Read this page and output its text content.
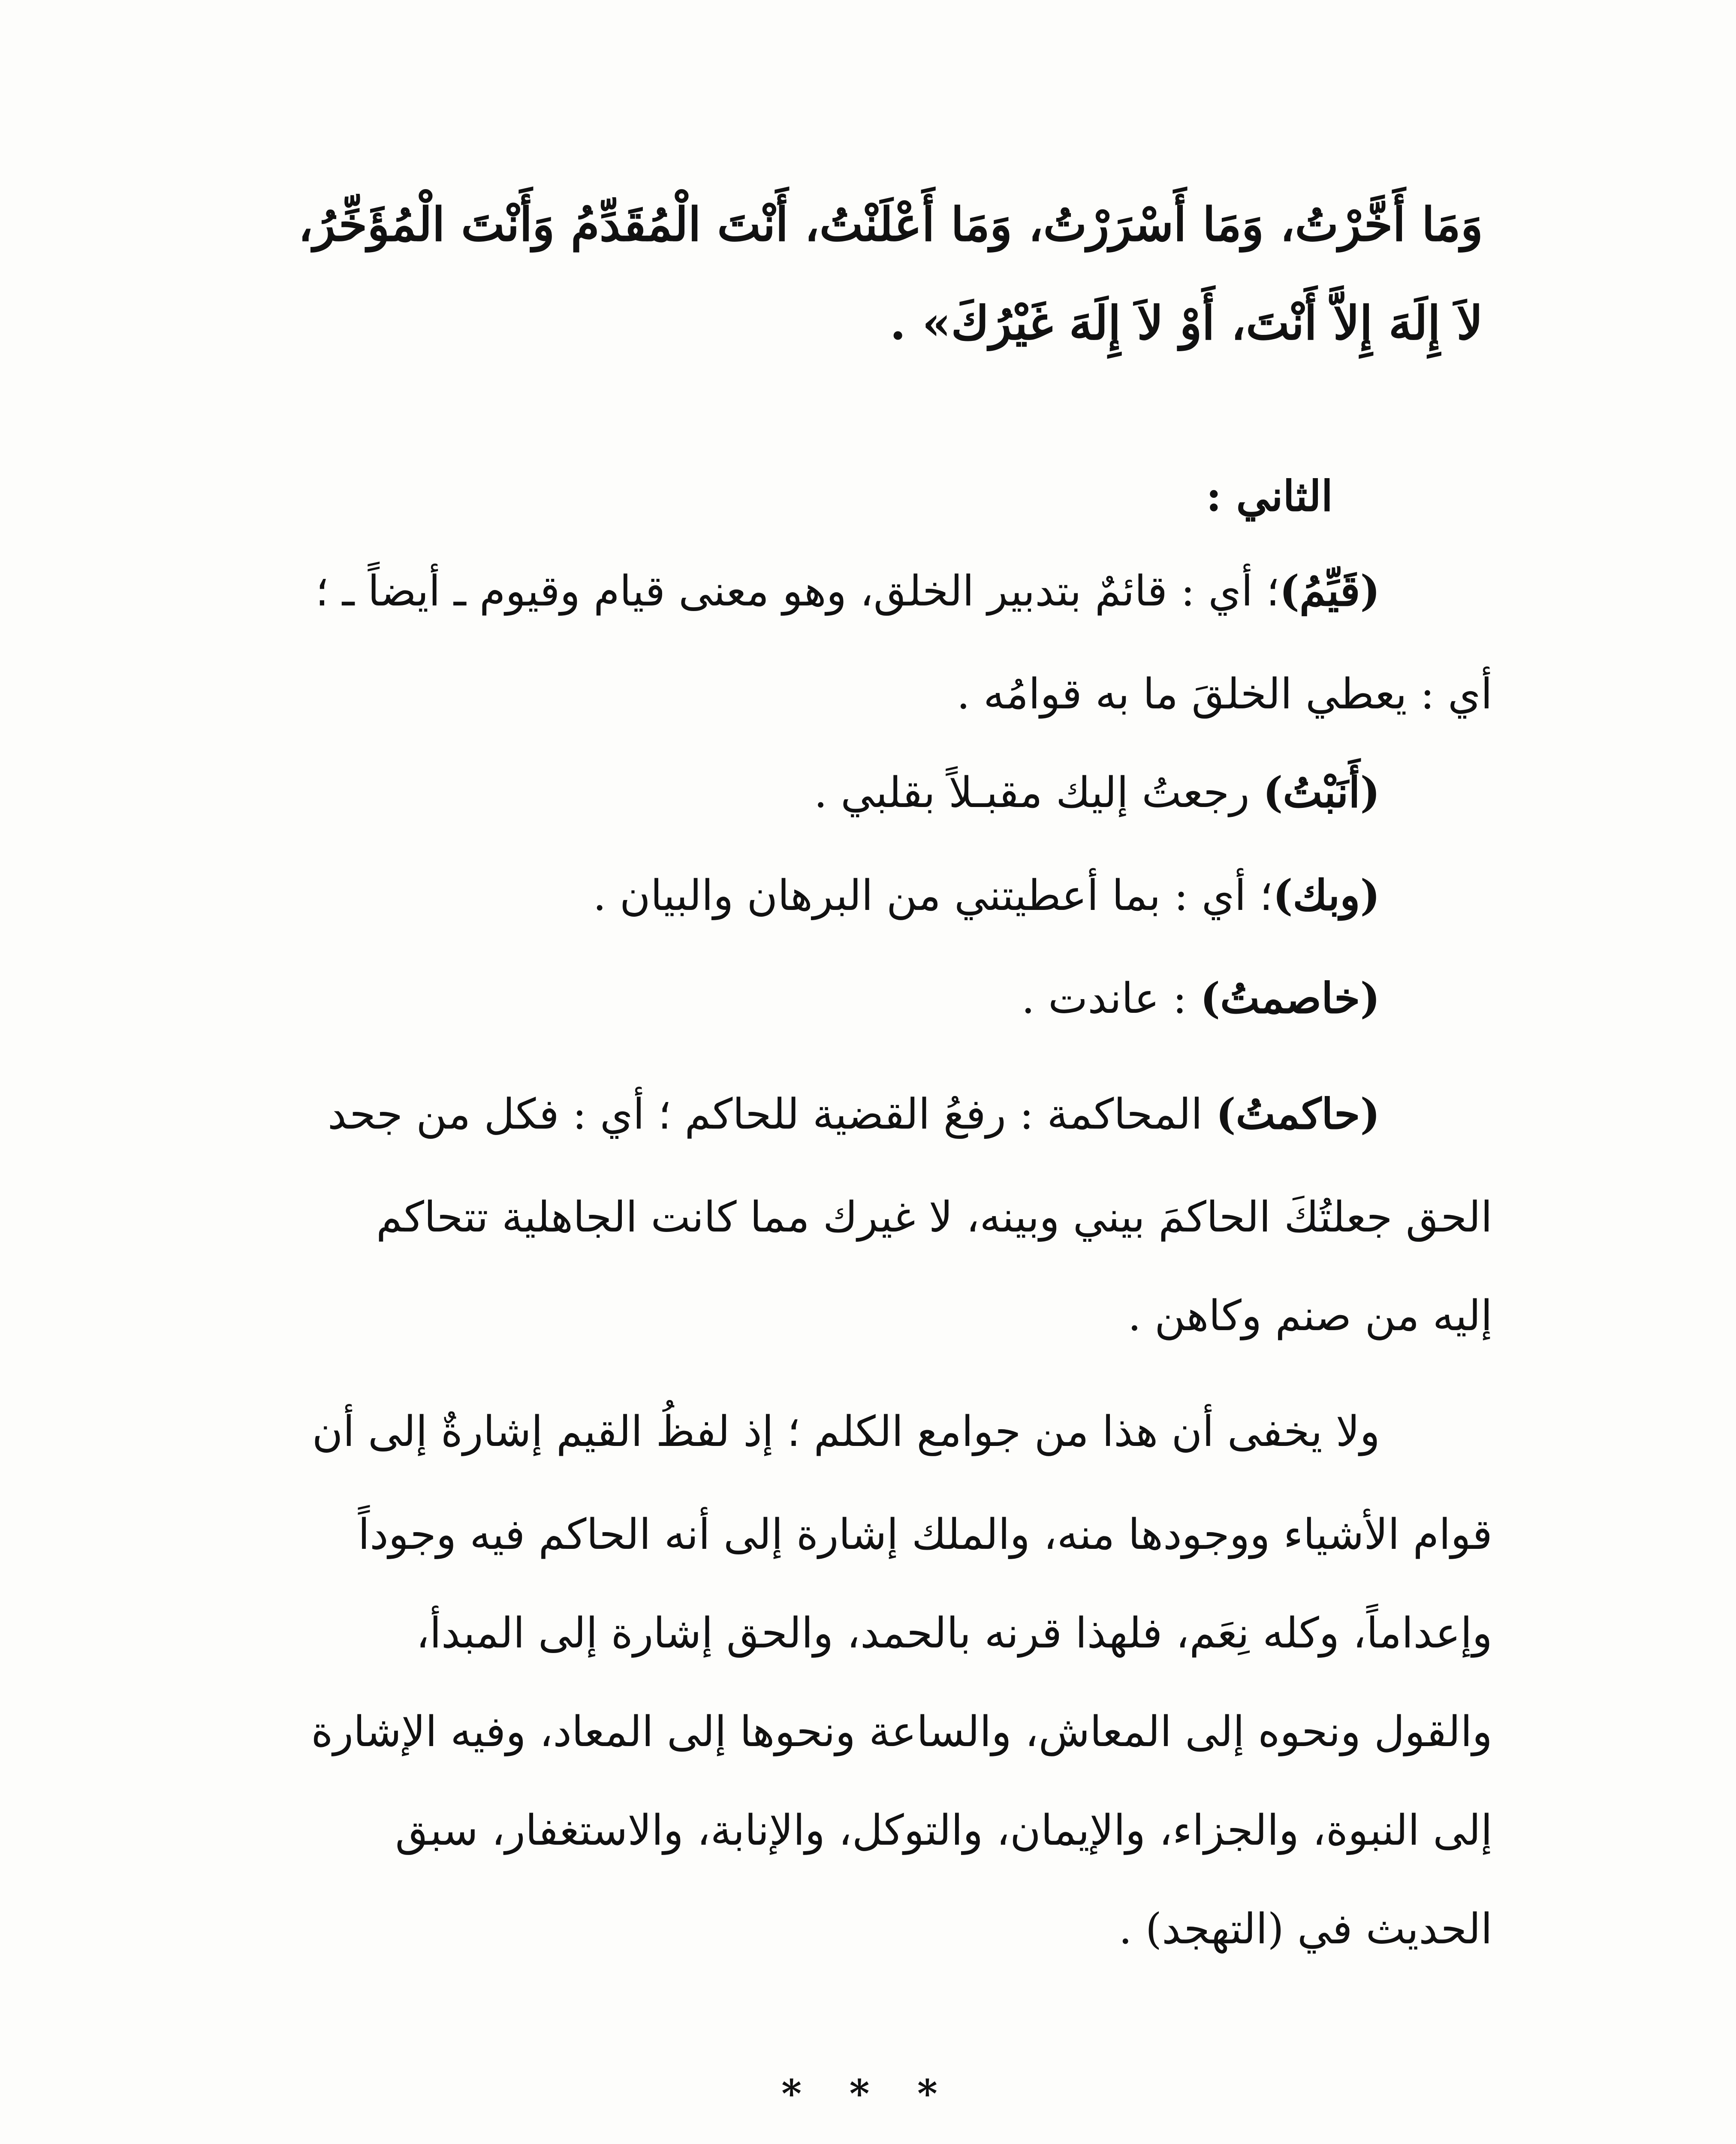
وَمَا أَخَّرْتُ، وَمَا أَسْرَرْتُ، وَمَا أَعْلَنْتُ، أَنْتَ الْمُقَدِّمُ وَأَنْتَ الْمُؤَخِّرُ،
لاَ إِلَهَ إِلاَّ أَنْتَ، أَوْ لاَ إِلَهَ غَيْرُكَ» .
الثاني :
(قَيِّمُ)؛ أي : قائمٌ بتدبير الخلق، وهو معنى قيام وقيوم ـ أيضاً ـ ؛
أي : يعطي الخلقَ ما به قوامُه .
(أَنَبْتُ) رجعتُ إليك مقبـلاً بقلبي .
(وبك)؛ أي : بما أعطيتني من البرهان والبيان .
(خاصمتُ) : عاندت .
(حاكمتُ) المحاكمة : رفعُ القضية للحاكم ؛ أي : فكل من جحد
الحق جعلتُكَ الحاكمَ بيني وبينه، لا غيرك مما كانت الجاهلية تتحاكم
إليه من صنم وكاهن .
ولا يخفى أن هذا من جوامع الكلم ؛ إذ لفظُ القيم إشارةٌ إلى أن
قوام الأشياء ووجودها منه، والملك إشارة إلى أنه الحاكم فيه وجوداً
وإعداماً، وكله نِعَم، فلهذا قرنه بالحمد، والحق إشارة إلى المبدأ،
والقول ونحوه إلى المعاش، والساعة ونحوها إلى المعاد، وفيه الإشارة
إلى النبوة، والجزاء، والإيمان، والتوكل، والإنابة، والاستغفار، سبق
الحديث في (التهجد) .
* * *
